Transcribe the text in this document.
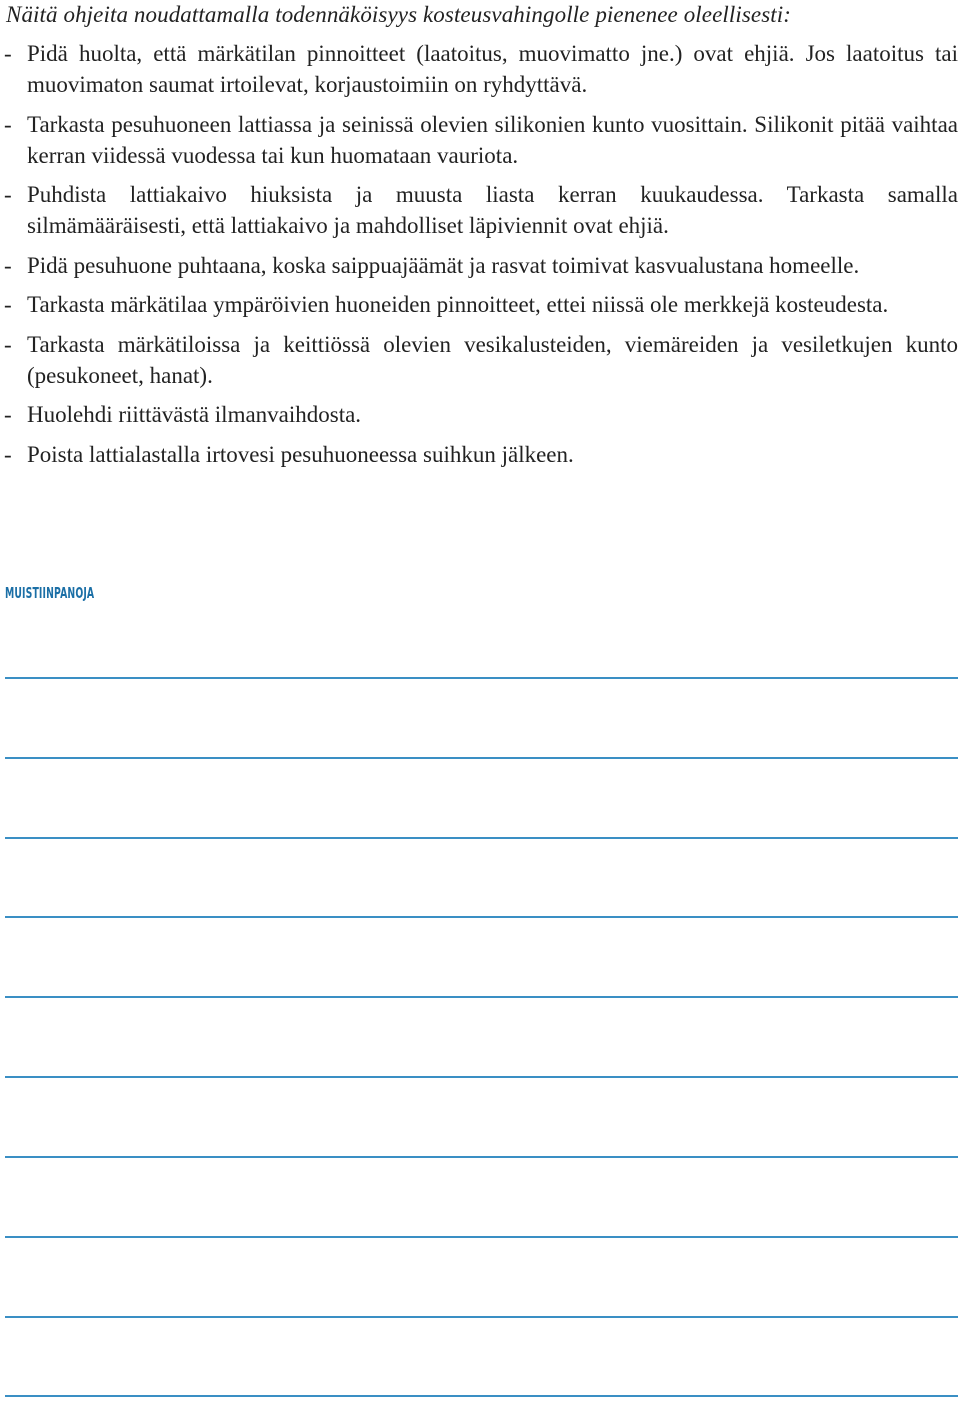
Näitä ohjeita noudattamalla todennäköisyys kosteusvahingolle pienenee oleellisesti:

- Pidä huolta, että märkätilan pinnoitteet (laatoitus, muovimatto jne.) ovat ehjiä. Jos laatoitus tai muovimaton saumat irtoilevat, korjaustoimiin on ryhdyttävä.
- Tarkasta pesuhuoneen lattiassa ja seinissä olevien silikonien kunto vuosittain. Silikonit pitää vaihtaa kerran viidessä vuodessa tai kun huomataan vauriota.
- Puhdista lattiakaivo hiuksista ja muusta liasta kerran kuukaudessa. Tarkasta samalla silmämääräisesti, että lattiakaivo ja mahdolliset läpiviennit ovat ehjiä.
- Pidä pesuhuone puhtaana, koska saippuajäämät ja rasvat toimivat kasvualustana homeelle.
- Tarkasta märkätilaa ympäröivien huoneiden pinnoitteet, ettei niissä ole merkkejä kosteudesta.
- Tarkasta märkätiloissa ja keittiössä olevien vesikalusteiden, viemäreiden ja vesiletkujen kunto (pesukoneet, hanat).
- Huolehdi riittävästä ilmanvaihdosta.
- Poista lattialastalla irtovesi pesuhuoneessa suihkun jälkeen.

MUISTIINPANOJA
